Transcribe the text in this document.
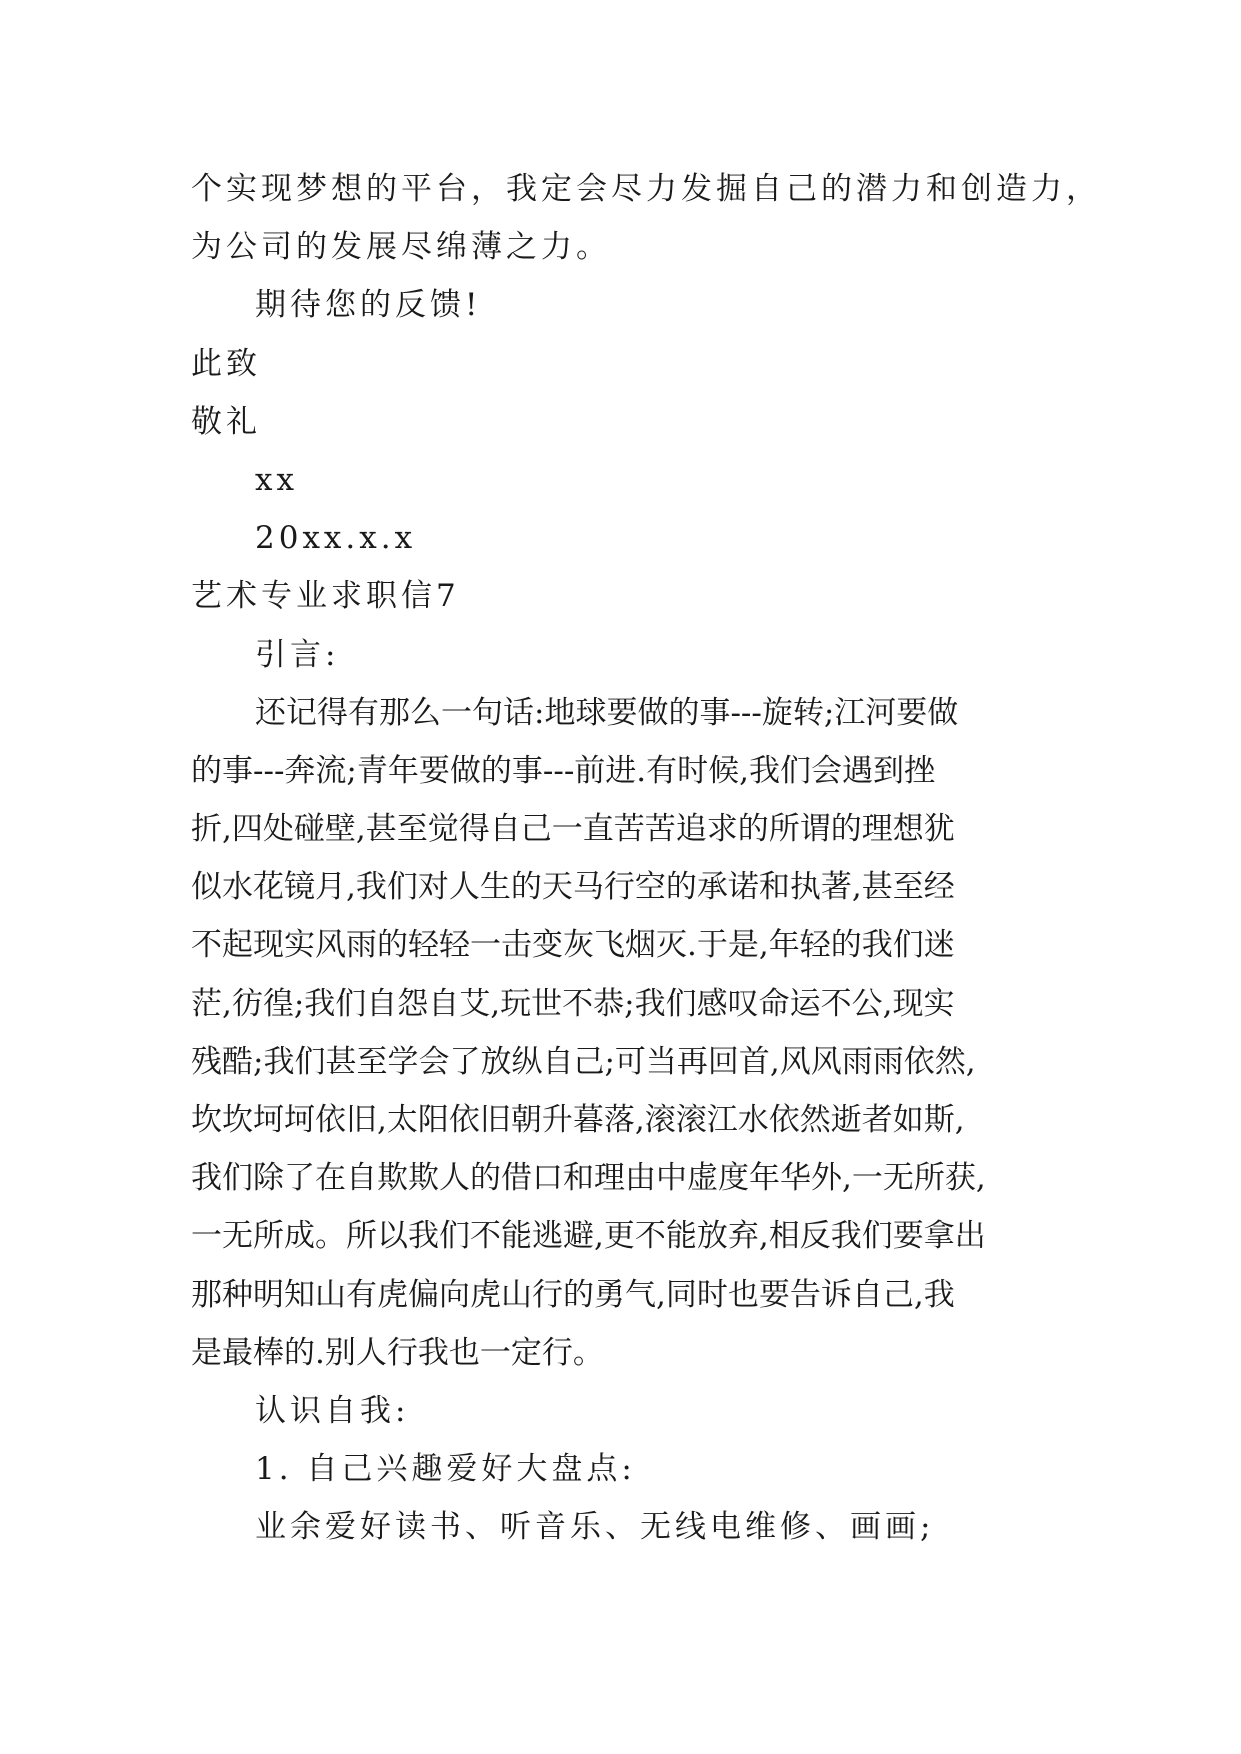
个实现梦想的平台，我定会尽力发掘自己的潜力和创造力，
为公司的发展尽绵薄之力。
期待您的反馈!
此致
敬礼
xx
20xx.x.x
艺术专业求职信7
引言:
还记得有那么一句话:地球要做的事---旋转;江河要做
的事---奔流;青年要做的事---前进.有时候,我们会遇到挫
折,四处碰壁,甚至觉得自己一直苦苦追求的所谓的理想犹
似水花镜月,我们对人生的天马行空的承诺和执著,甚至经
不起现实风雨的轻轻一击变灰飞烟灭.于是,年轻的我们迷
茫,彷徨;我们自怨自艾,玩世不恭;我们感叹命运不公,现实
残酷;我们甚至学会了放纵自己;可当再回首,风风雨雨依然,
坎坎坷坷依旧,太阳依旧朝升暮落,滚滚江水依然逝者如斯,
我们除了在自欺欺人的借口和理由中虚度年华外,一无所获,
一无所成。所以我们不能逃避,更不能放弃,相反我们要拿出
那种明知山有虎偏向虎山行的勇气,同时也要告诉自己,我
是最棒的.别人行我也一定行。
认识自我:
1. 自己兴趣爱好大盘点:
业余爱好读书、听音乐、无线电维修、画画;
